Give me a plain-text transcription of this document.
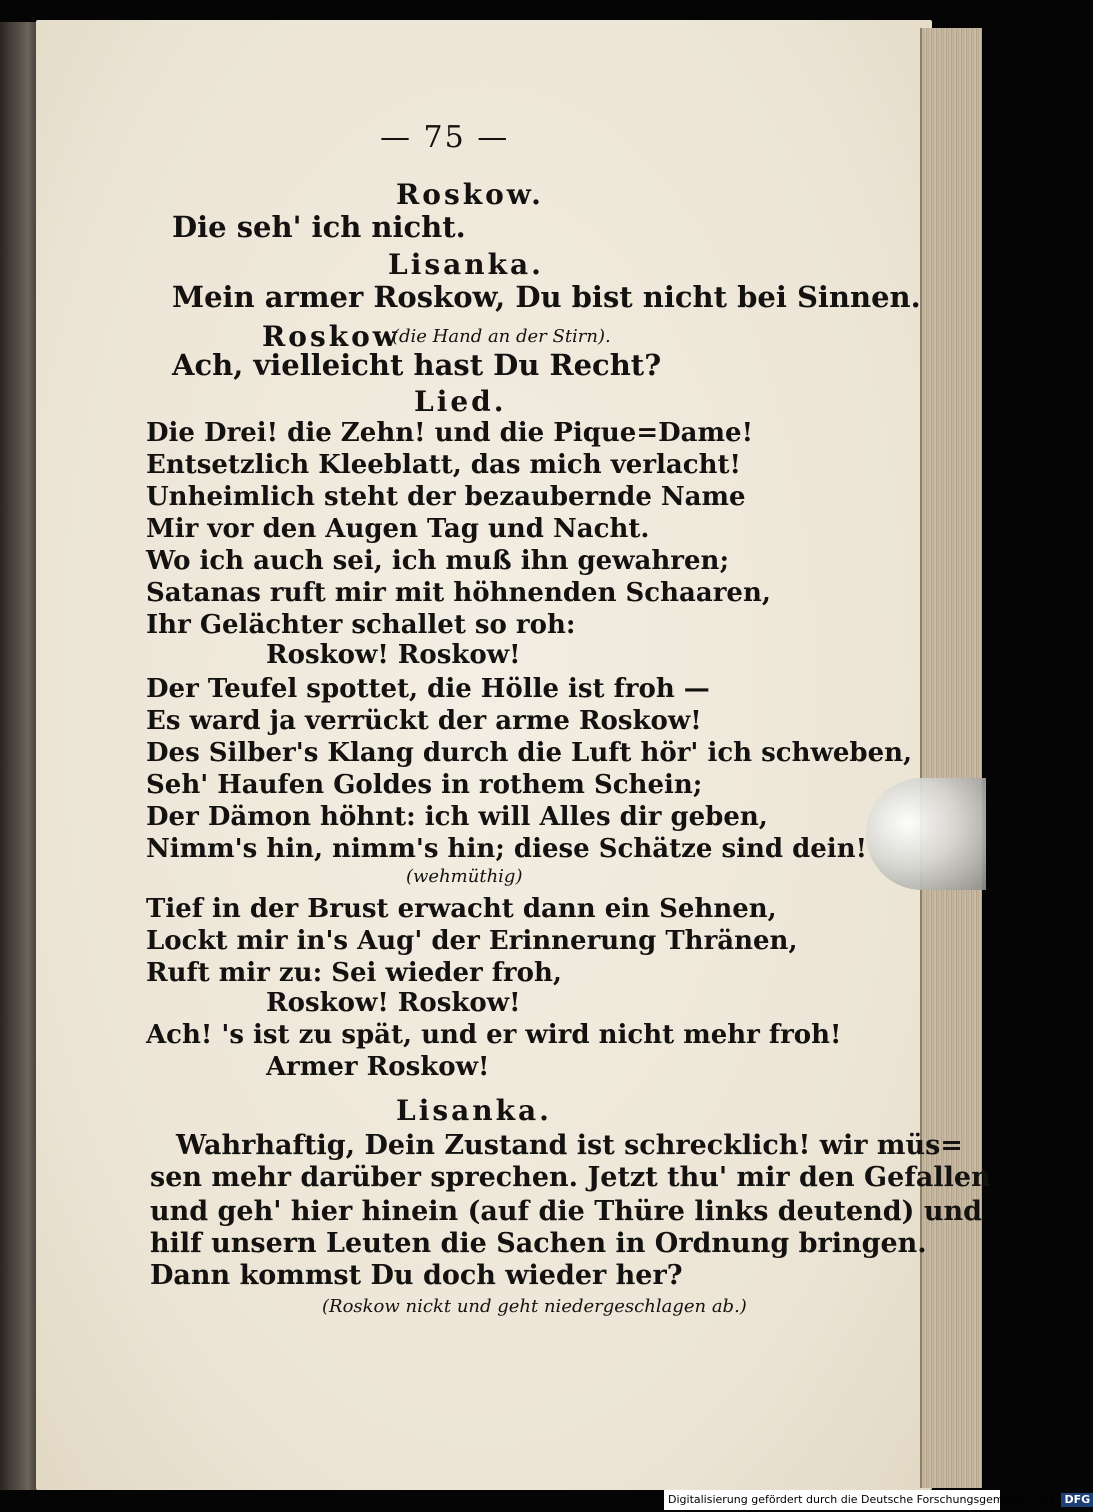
— 75 —
Roskow.
Die seh' ich nicht.
Lisanka.
Mein armer Roskow, Du bist nicht bei Sinnen.
Roskow
(die Hand an der Stirn).
Ach, vielleicht hast Du Recht?
Lied.
Die Drei! die Zehn! und die Pique=Dame!
Entsetzlich Kleeblatt, das mich verlacht!
Unheimlich steht der bezaubernde Name
Mir vor den Augen Tag und Nacht.
Wo ich auch sei, ich muß ihn gewahren;
Satanas ruft mir mit höhnenden Schaaren,
Ihr Gelächter schallet so roh:
Roskow! Roskow!
Der Teufel spottet, die Hölle ist froh —
Es ward ja verrückt der arme Roskow!
Des Silber's Klang durch die Luft hör' ich schweben,
Seh' Haufen Goldes in rothem Schein;
Der Dämon höhnt: ich will Alles dir geben,
Nimm's hin, nimm's hin; diese Schätze sind dein!
(wehmüthig)
Tief in der Brust erwacht dann ein Sehnen,
Lockt mir in's Aug' der Erinnerung Thränen,
Ruft mir zu: Sei wieder froh,
Roskow! Roskow!
Ach! 's ist zu spät, und er wird nicht mehr froh!
Armer Roskow!
Lisanka.
Wahrhaftig, Dein Zustand ist schrecklich! wir müs=
sen mehr darüber sprechen. Jetzt thu' mir den Gefallen
und geh' hier hinein (auf die Thüre links deutend) und
hilf unsern Leuten die Sachen in Ordnung bringen.
Dann kommst Du doch wieder her?
(Roskow nickt und geht niedergeschlagen ab.)
Digitalisierung gefördert durch die Deutsche Forschungsgemeinschaft DFG
